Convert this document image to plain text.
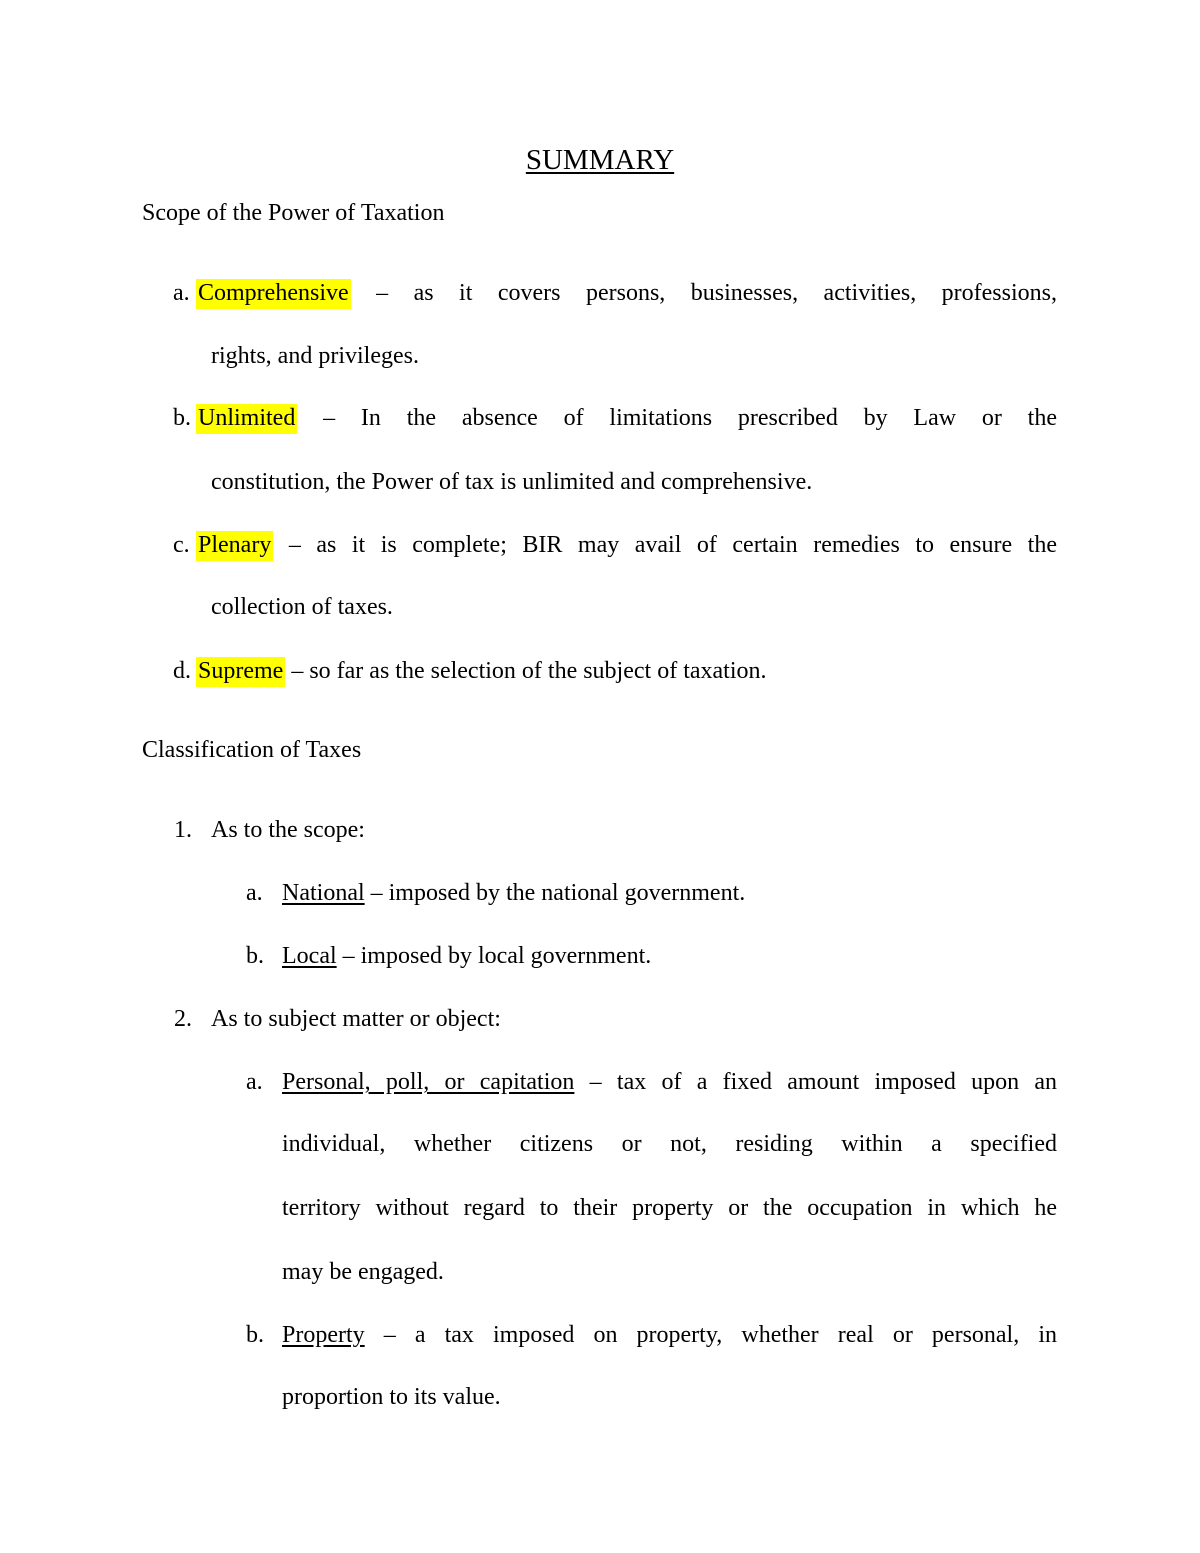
SUMMARY
Scope of the Power of Taxation
a. Comprehensive – as it covers persons, businesses, activities, professions,
rights, and privileges.
b. Unlimited – In the absence of limitations prescribed by Law or the
constitution, the Power of tax is unlimited and comprehensive.
c. Plenary – as it is complete; BIR may avail of certain remedies to ensure the
collection of taxes.
d. Supreme – so far as the selection of the subject of taxation.
Classification of Taxes
1. As to the scope:
a. National – imposed by the national government.
b. Local – imposed by local government.
2. As to subject matter or object:
a. Personal, poll, or capitation – tax of a fixed amount imposed upon an
individual, whether citizens or not, residing within a specified
territory without regard to their property or the occupation in which he
may be engaged.
b. Property – a tax imposed on property, whether real or personal, in
proportion to its value.
